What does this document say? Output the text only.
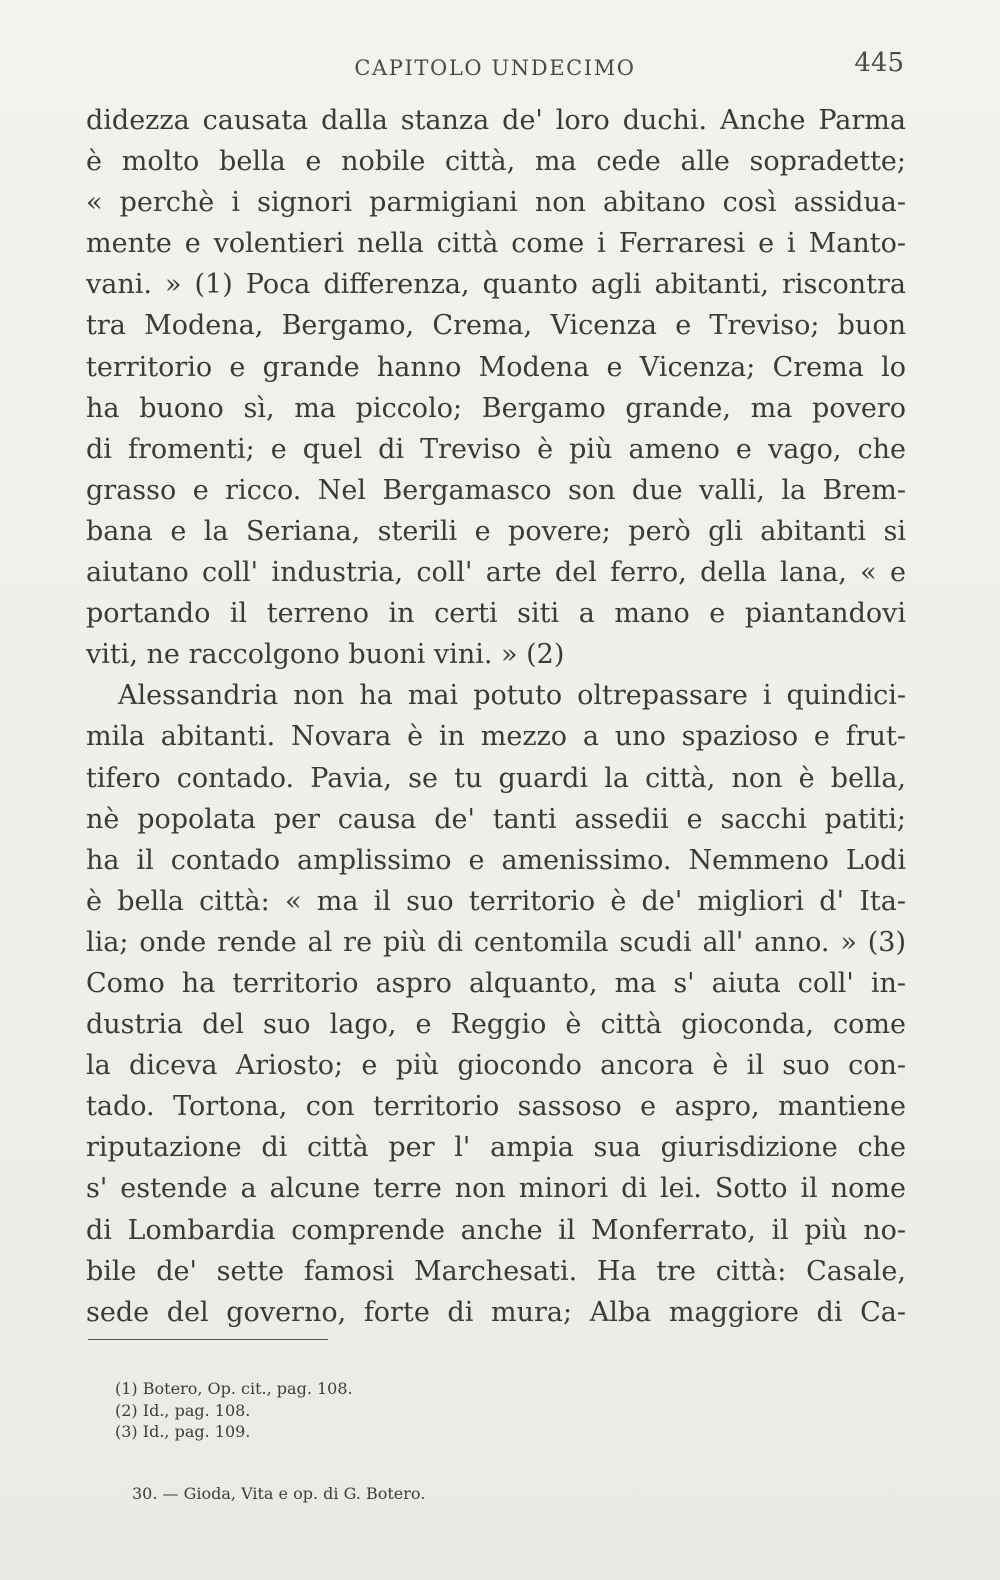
CAPITOLO UNDECIMO	445
didezza causata dalla stanza de' loro duchi. Anche Parma
è molto bella e nobile città, ma cede alle sopradette;
« perchè i signori parmigiani non abitano così assidua-
mente e volentieri nella città come i Ferraresi e i Manto-
vani. » (1) Poca differenza, quanto agli abitanti, riscontra
tra Modena, Bergamo, Crema, Vicenza e Treviso; buon
territorio e grande hanno Modena e Vicenza; Crema lo
ha buono sì, ma piccolo; Bergamo grande, ma povero
di fromenti; e quel di Treviso è più ameno e vago, che
grasso e ricco. Nel Bergamasco son due valli, la Brem-
bana e la Seriana, sterili e povere; però gli abitanti si
aiutano coll' industria, coll' arte del ferro, della lana, « e
portando il terreno in certi siti a mano e piantandovi
viti, ne raccolgono buoni vini. » (2)
Alessandria non ha mai potuto oltrepassare i quindici-
mila abitanti. Novara è in mezzo a uno spazioso e frut-
tifero contado. Pavia, se tu guardi la città, non è bella,
nè popolata per causa de' tanti assedii e sacchi patiti;
ha il contado amplissimo e amenissimo. Nemmeno Lodi
è bella città: « ma il suo territorio è de' migliori d' Ita-
lia; onde rende al re più di centomila scudi all' anno. » (3)
Como ha territorio aspro alquanto, ma s' aiuta coll' in-
dustria del suo lago, e Reggio è città gioconda, come
la diceva Ariosto; e più giocondo ancora è il suo con-
tado. Tortona, con territorio sassoso e aspro, mantiene
riputazione di città per l' ampia sua giurisdizione che
s' estende a alcune terre non minori di lei. Sotto il nome
di Lombardia comprende anche il Monferrato, il più no-
bile de' sette famosi Marchesati. Ha tre città: Casale,
sede del governo, forte di mura; Alba maggiore di Ca-
(1) Botero, Op. cit., pag. 108.
(2) Id., pag. 108.
(3) Id., pag. 109.
30. — Gioda, Vita e op. di G. Botero.
